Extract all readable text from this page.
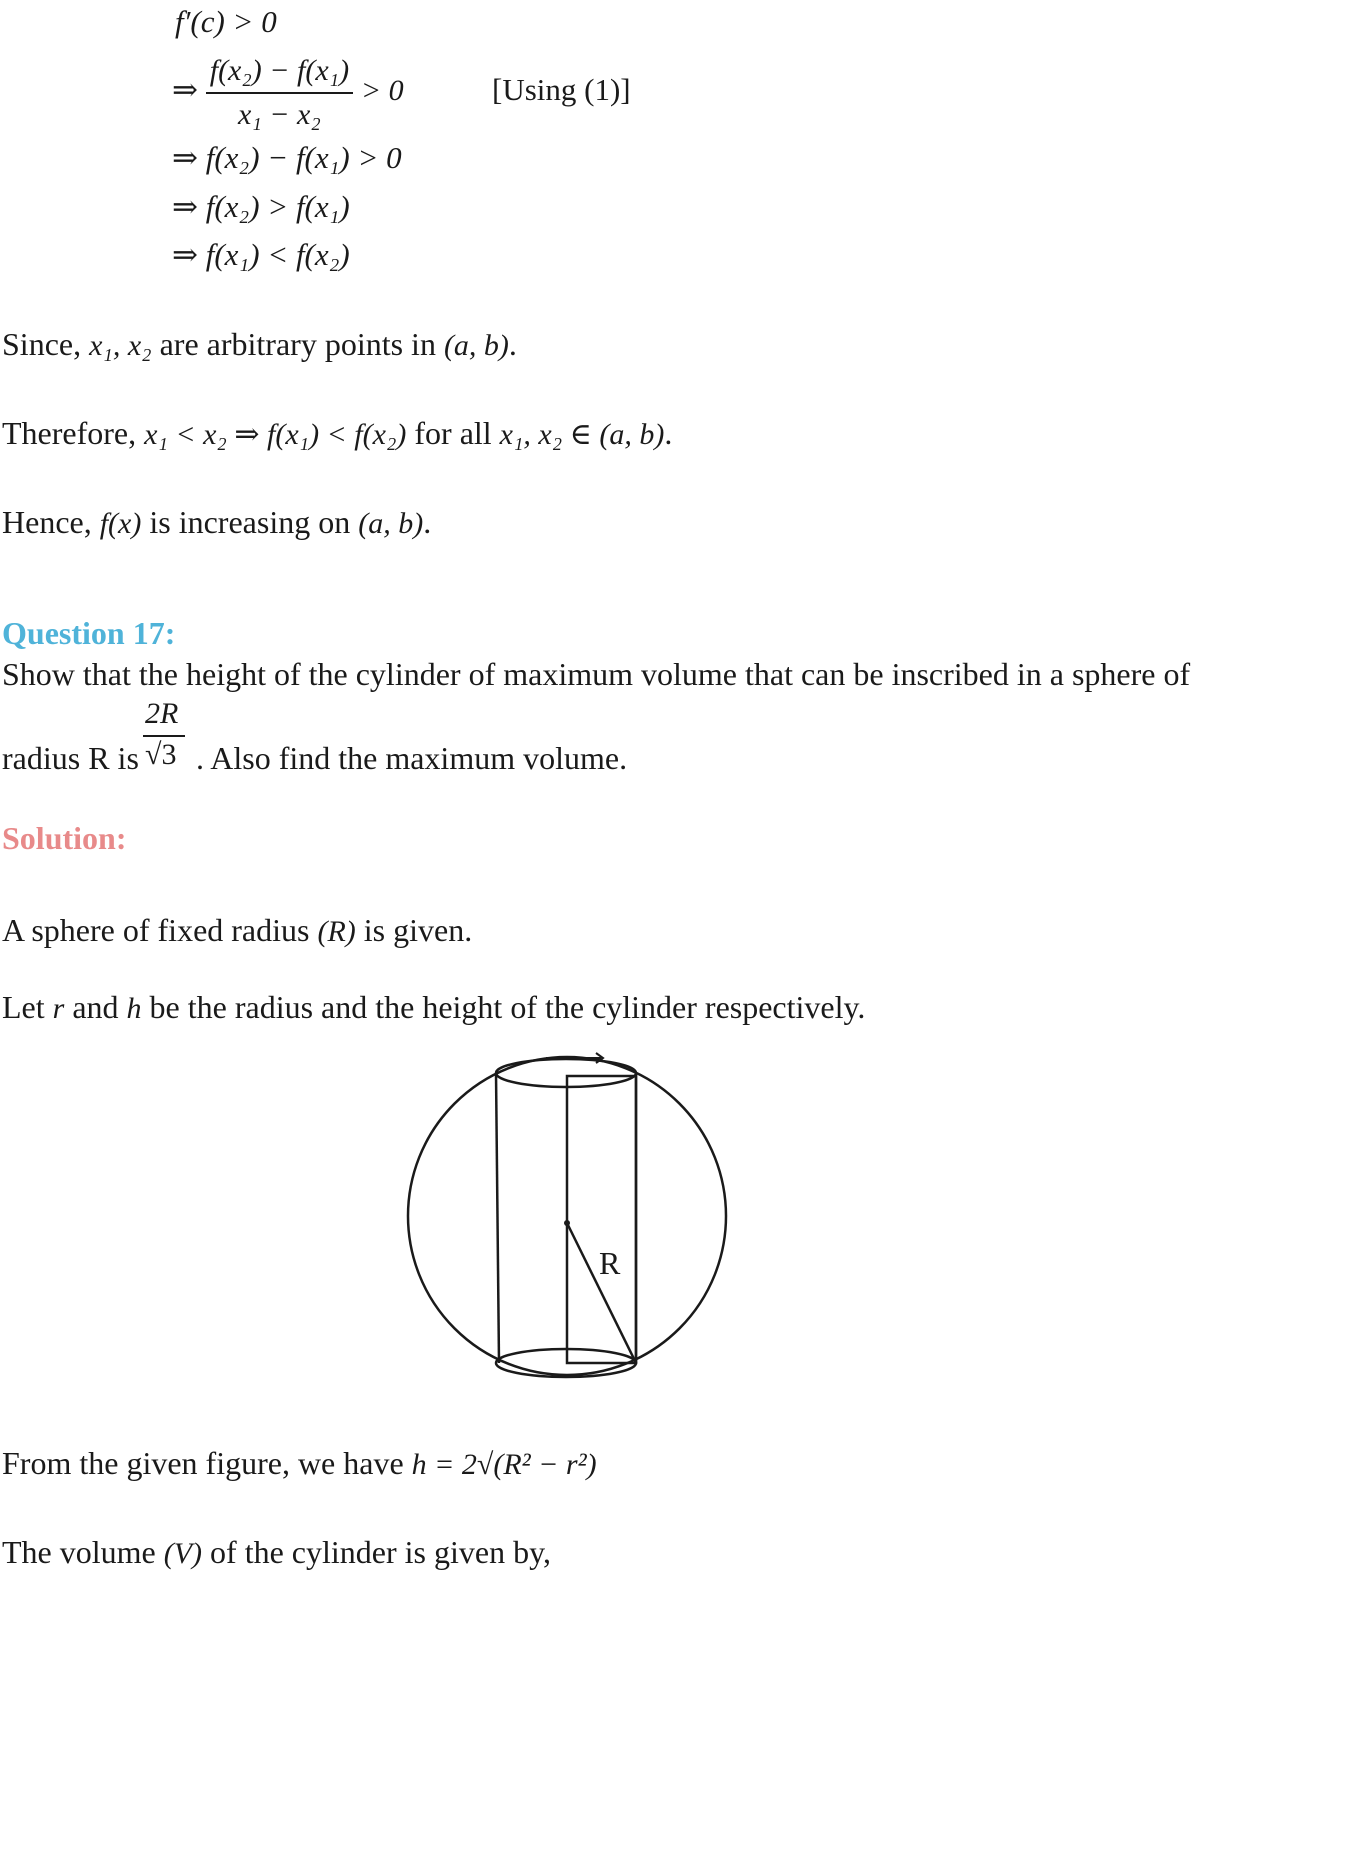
f′(c) > 0
⇒ $\frac{\text{f(x₂) − f(x₁)}}{\text{x₁ − x₂}} > 0$	[Using (1)]
⇒ f(x₂) − f(x₁) > 0
⇒ f(x₂) > f(x₁)
⇒ f(x₁) < f(x₂)
Since, x₁, x₂ are arbitrary points in (a, b).
Therefore, x₁ < x₂ ⇒ f(x₁) < f(x₂) for all x₁, x₂ ∈ (a, b).
Hence, f(x) is increasing on (a, b).
Question 17:
Show that the height of the cylinder of maximum volume that can be inscribed in a sphere of
radius R is
2R
√3 . Also find the maximum volume.
Solution:
A sphere of fixed radius (R) is given.
Let r and h be the radius and the height of the cylinder respectively.
R
From the given figure, we have h = 2√(R² − r²)
The volume (V) of the cylinder is given by,
